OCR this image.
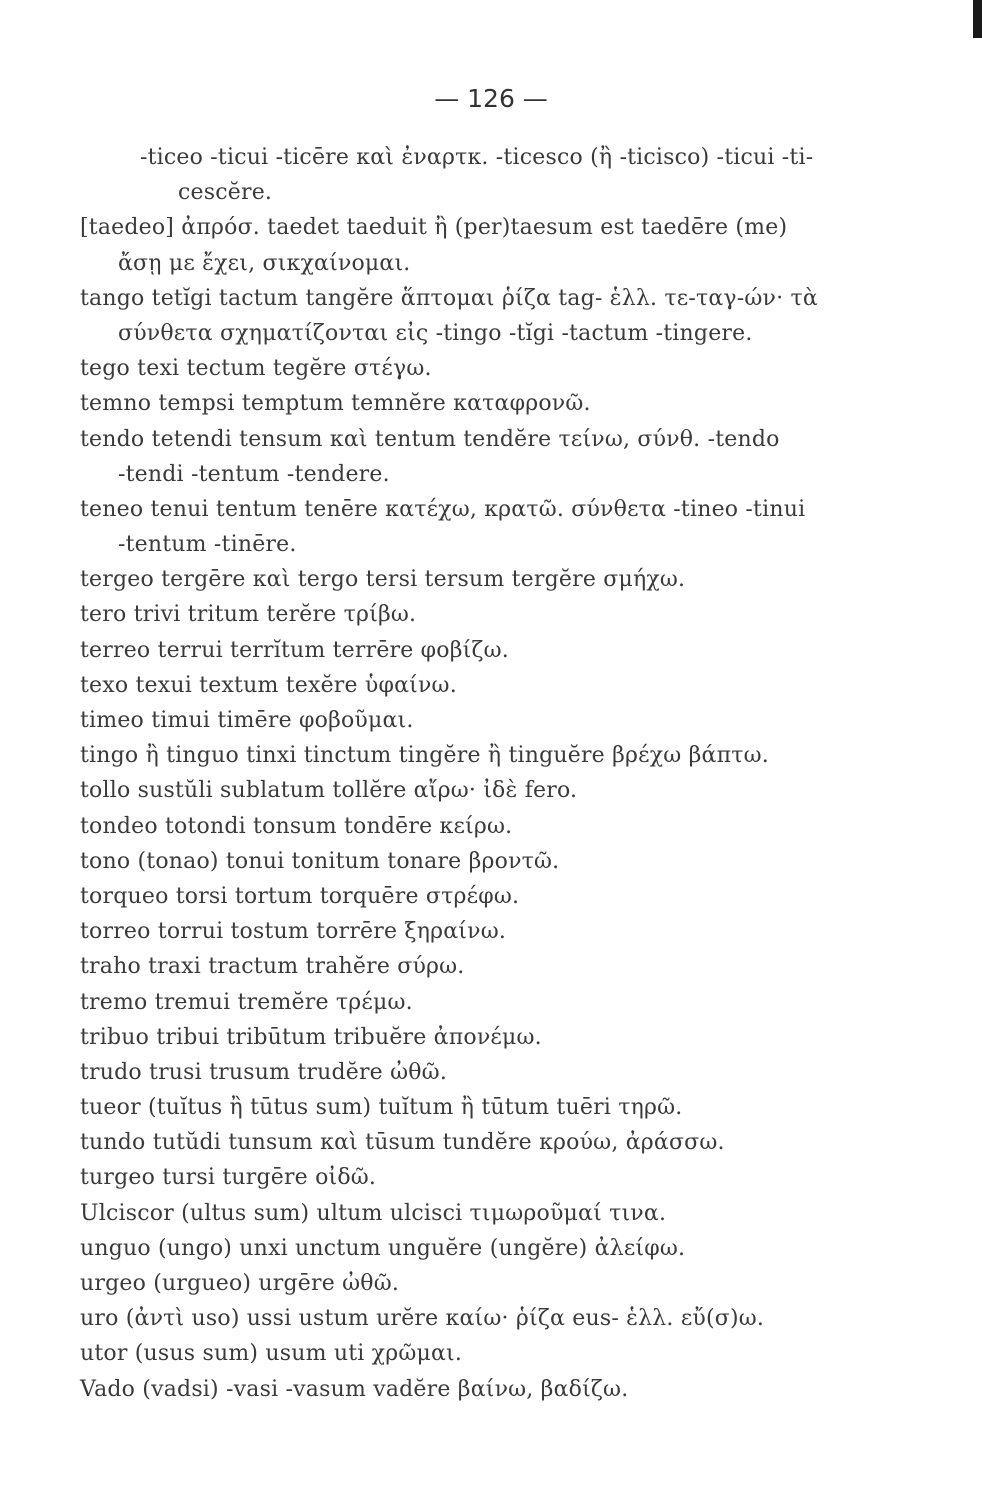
— 126 —
-ticeo -ticui -ticēre καὶ ἐναρτκ. -ticesco (ἢ -ticisco) -ticui -ti-
cescĕre.
[taedeo] ἀπρόσ. taedet taeduit ἢ (per)taesum est taedēre (me)
ἄσῃ με ἔχει, σικχαίνομαι.
tango tetĭgi tactum tangĕre ἅπτομαι ῥίζα tag- ἑλλ. τε-ταγ-ών· τὰ
σύνθετα σχηματίζονται εἰς -tingo -tĭgi -tactum -tingere.
tego texi tectum tegĕre στέγω.
temno tempsi temptum temnĕre καταφρονῶ.
tendo tetendi tensum καὶ tentum tendĕre τείνω, σύνθ. -tendo
-tendi -tentum -tendere.
teneo tenui tentum tenēre κατέχω, κρατῶ. σύνθετα -tineo -tinui
-tentum -tinēre.
tergeo tergēre καὶ tergo tersi tersum tergĕre σμήχω.
tero trivi tritum terĕre τρίβω.
terreo terrui terrĭtum terrēre φοβίζω.
texo texui textum texĕre ὑφαίνω.
timeo timui timēre φοβοῦμαι.
tingo ἢ tinguo tinxi tinctum tingĕre ἢ tinguĕre βρέχω βάπτω.
tollo sustŭli sublatum tollĕre αἴρω· ἰδὲ fero.
tondeo totondi tonsum tondēre κείρω.
tono (tonao) tonui tonitum tonare βροντῶ.
torqueo torsi tortum torquēre στρέφω.
torreo torrui tostum torrēre ξηραίνω.
traho traxi tractum trahĕre σύρω.
tremo tremui tremĕre τρέμω.
tribuo tribui tribūtum tribuĕre ἀπονέμω.
trudo trusi trusum trudĕre ὠθῶ.
tueor (tuĭtus ἢ tūtus sum) tuĭtum ἢ tūtum tuēri τηρῶ.
tundo tutŭdi tunsum καὶ tūsum tundĕre κρούω, ἀράσσω.
turgeo tursi turgēre οἰδῶ.
Ulciscor (ultus sum) ultum ulcisci τιμωροῦμαί τινα.
unguo (ungo) unxi unctum unguĕre (ungĕre) ἀλείφω.
urgeo (urgueo) urgēre ὠθῶ.
uro (ἀντὶ uso) ussi ustum urĕre καίω· ῥίζα eus- ἑλλ. εὔ(σ)ω.
utor (usus sum) usum uti χρῶμαι.
Vado (vadsi) -vasi -vasum vadĕre βαίνω, βαδίζω.
